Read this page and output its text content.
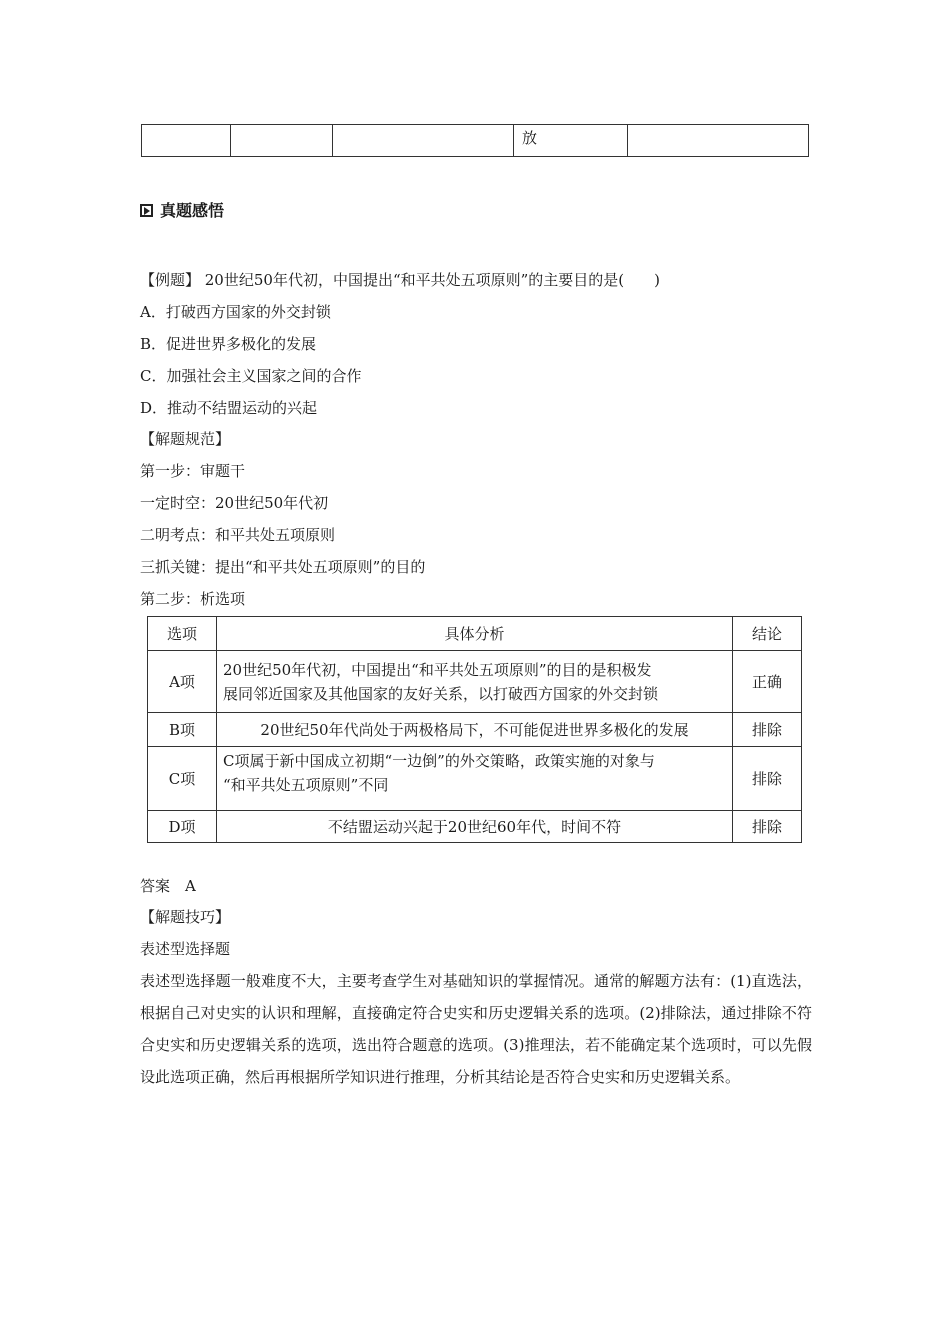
			放	
真题感悟
【例题】 20世纪50年代初，中国提出“和平共处五项原则”的主要目的是(　　)
A．打破西方国家的外交封锁
B．促进世界多极化的发展
C．加强社会主义国家之间的合作
D．推动不结盟运动的兴起
【解题规范】
第一步：审题干
一定时空：20世纪50年代初
二明考点：和平共处五项原则
三抓关键：提出“和平共处五项原则”的目的
第二步：析选项
选项	具体分析	结论
A项	20世纪50年代初，中国提出“和平共处五项原则”的目的是积极发
展同邻近国家及其他国家的友好关系，以打破西方国家的外交封锁	正确
B项	20世纪50年代尚处于两极格局下，不可能促进世界多极化的发展	排除
C项	C项属于新中国成立初期“一边倒”的外交策略，政策实施的对象与
“和平共处五项原则”不同	排除
D项	不结盟运动兴起于20世纪60年代，时间不符	排除
答案　A
【解题技巧】
表述型选择题
表述型选择题一般难度不大，主要考查学生对基础知识的掌握情况。通常的解题方法有：(1)直选法，根据自己对史实的认识和理解，直接确定符合史实和历史逻辑关系的选项。(2)排除法，通过排除不符合史实和历史逻辑关系的选项，选出符合题意的选项。(3)推理法，若不能确定某个选项时，可以先假设此选项正确，然后再根据所学知识进行推理，分析其结论是否符合史实和历史逻辑关系。
